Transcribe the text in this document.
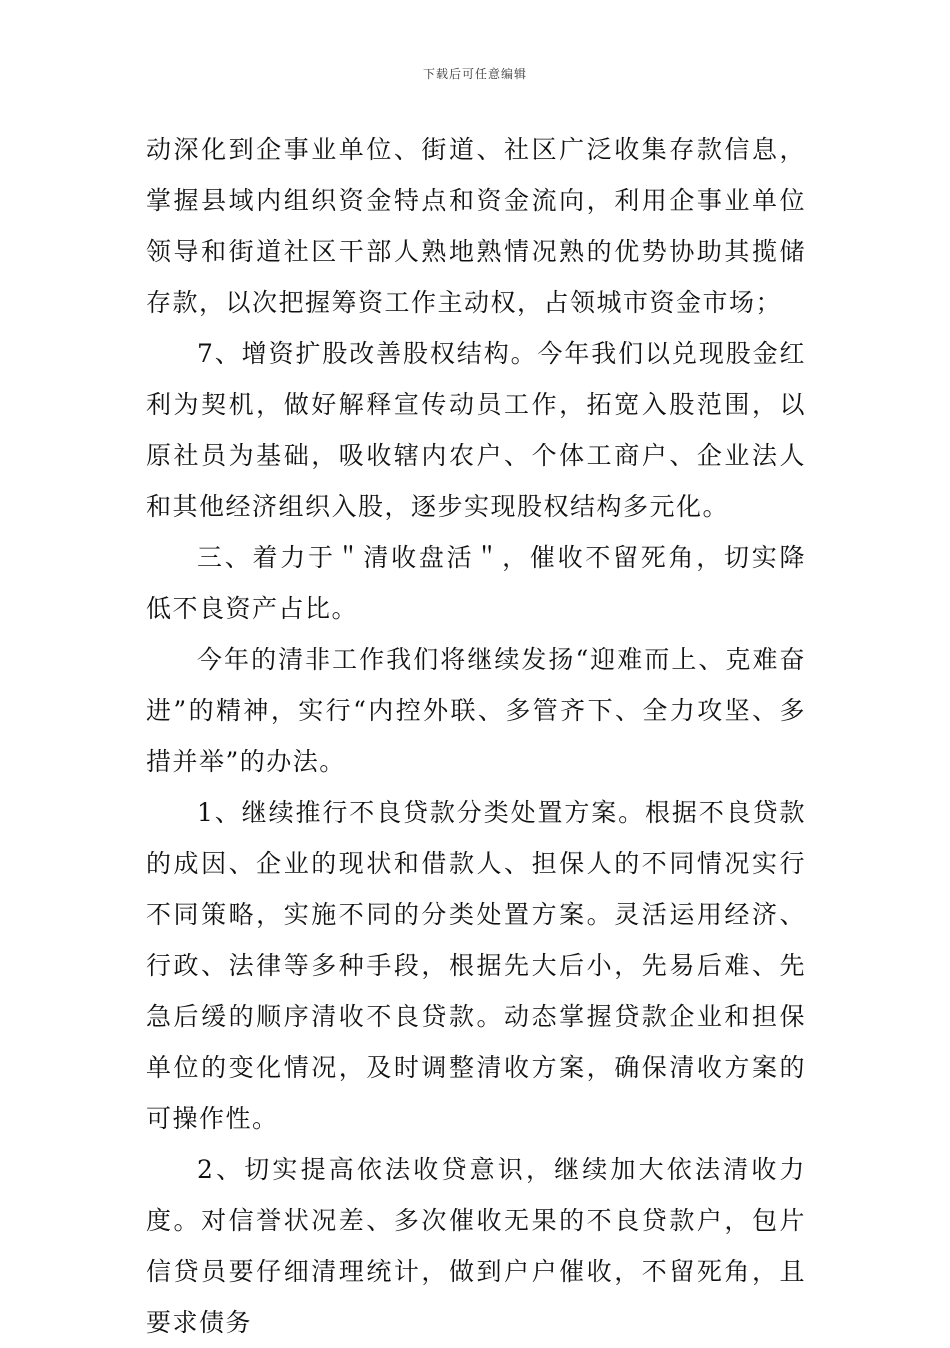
下载后可任意编辑

动深化到企事业单位、街道、社区广泛收集存款信息，掌握县域内组织资金特点和资金流向，利用企事业单位领导和街道社区干部人熟地熟情况熟的优势协助其揽储存款，以次把握筹资工作主动权，占领城市资金市场；

7、增资扩股改善股权结构。今年我们以兑现股金红利为契机，做好解释宣传动员工作，拓宽入股范围，以原社员为基础，吸收辖内农户、个体工商户、企业法人和其他经济组织入股，逐步实现股权结构多元化。

三、着力于＂清收盘活＂，催收不留死角，切实降低不良资产占比。

今年的清非工作我们将继续发扬“迎难而上、克难奋进”的精神，实行“内控外联、多管齐下、全力攻坚、多措并举”的办法。

1、继续推行不良贷款分类处置方案。根据不良贷款的成因、企业的现状和借款人、担保人的不同情况实行不同策略，实施不同的分类处置方案。灵活运用经济、行政、法律等多种手段，根据先大后小，先易后难、先急后缓的顺序清收不良贷款。动态掌握贷款企业和担保单位的变化情况，及时调整清收方案，确保清收方案的可操作性。

2、切实提高依法收贷意识，继续加大依法清收力度。对信誉状况差、多次催收无果的不良贷款户，包片信贷员要仔细清理统计，做到户户催收，不留死角，且要求债务
